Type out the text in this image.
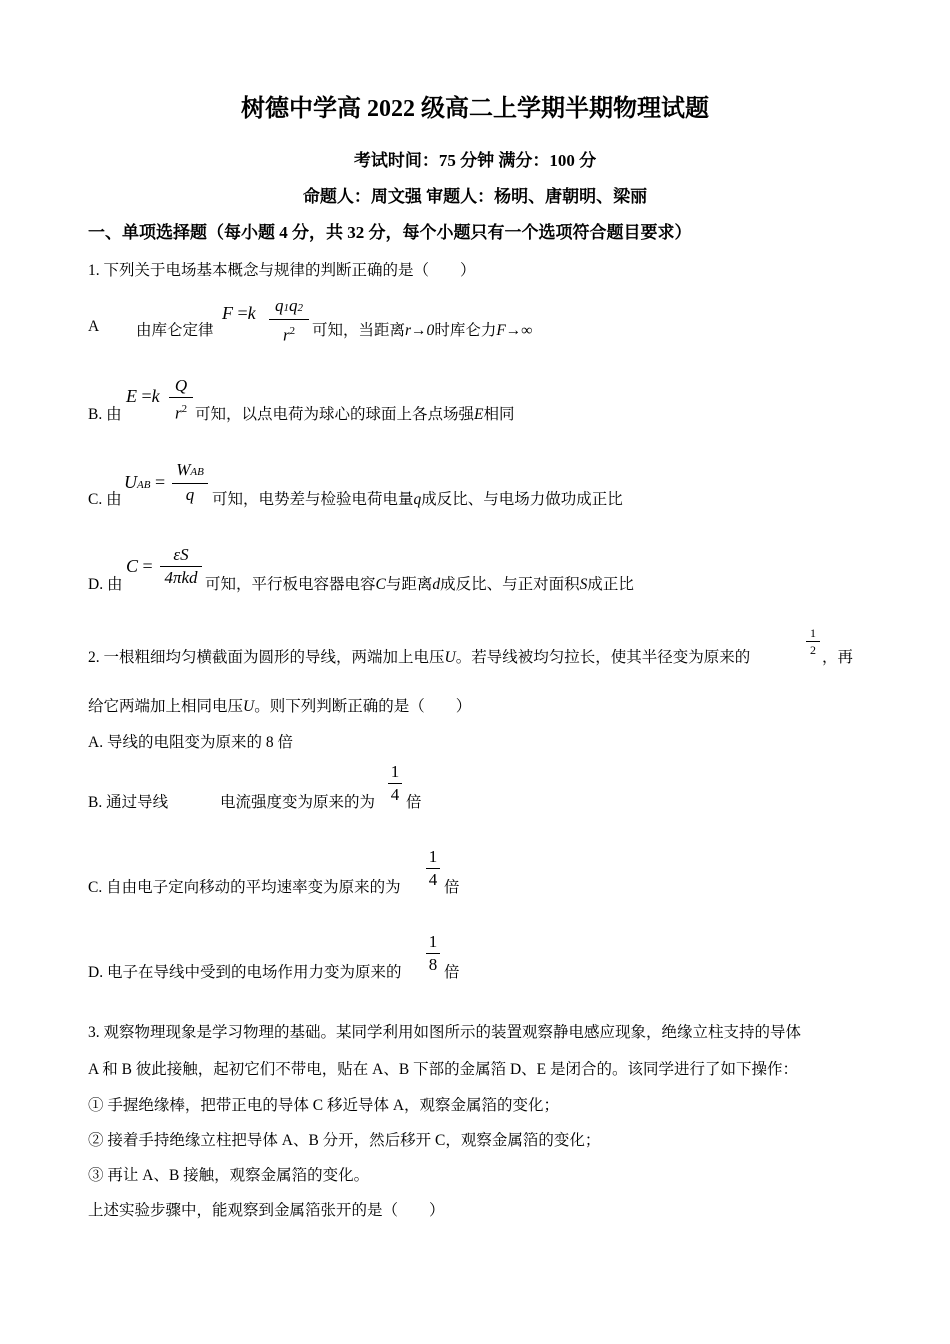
树德中学高 2022 级高二上学期半期物理试题
考试时间：75 分钟 满分：100 分
命题人：周文强 审题人：杨明、唐朝明、梁丽
一、单项选择题（每小题 4 分，共 32 分，每个小题只有一个选项符合题目要求）
1. 下列关于电场基本概念与规律的判断正确的是（　　）
A 由库仑定律
F =k	q1q2
$r^2$	可知，当距离r→0时库仑力F→∞
B. 由
E =k
Q
$r^2$ 可知，以点电荷为球心的球面上各点场强E相同
C. 由
UAB =
WAB
q	可知，电势差与检验电荷电量q成反比、与电场力做功成正比
D. 由
C =
εS
4πkd 可知，平行板电容器电容C与距离d成反比、与正对面积S成正比
2. 一根粗细均匀横截面为圆形的导线，两端加上电压U。若导线被均匀拉长，使其半径变为原来的
1
2 ，再
给它两端加上相同电压U。则下列判断正确的是（　　）
A. 导线的电阻变为原来的 8 倍
B. 通过导线	电流强度变为原来的为
1
4 倍
C. 自由电子定向移动的平均速率变为原来的为
1
4 倍
D. 电子在导线中受到的电场作用力变为原来的
1
8 倍
3. 观察物理现象是学习物理的基础。某同学利用如图所示的装置观察静电感应现象，绝缘立柱支持的导体
A 和 B 彼此接触，起初它们不带电，贴在 A、B 下部的金属箔 D、E 是闭合的。该同学进行了如下操作：
① 手握绝缘棒，把带正电的导体 C 移近导体 A，观察金属箔的变化；
② 接着手持绝缘立柱把导体 A、B 分开，然后移开 C，观察金属箔的变化；
③ 再让 A、B 接触，观察金属箔的变化。
上述实验步骤中，能观察到金属箔张开的是（　　）
